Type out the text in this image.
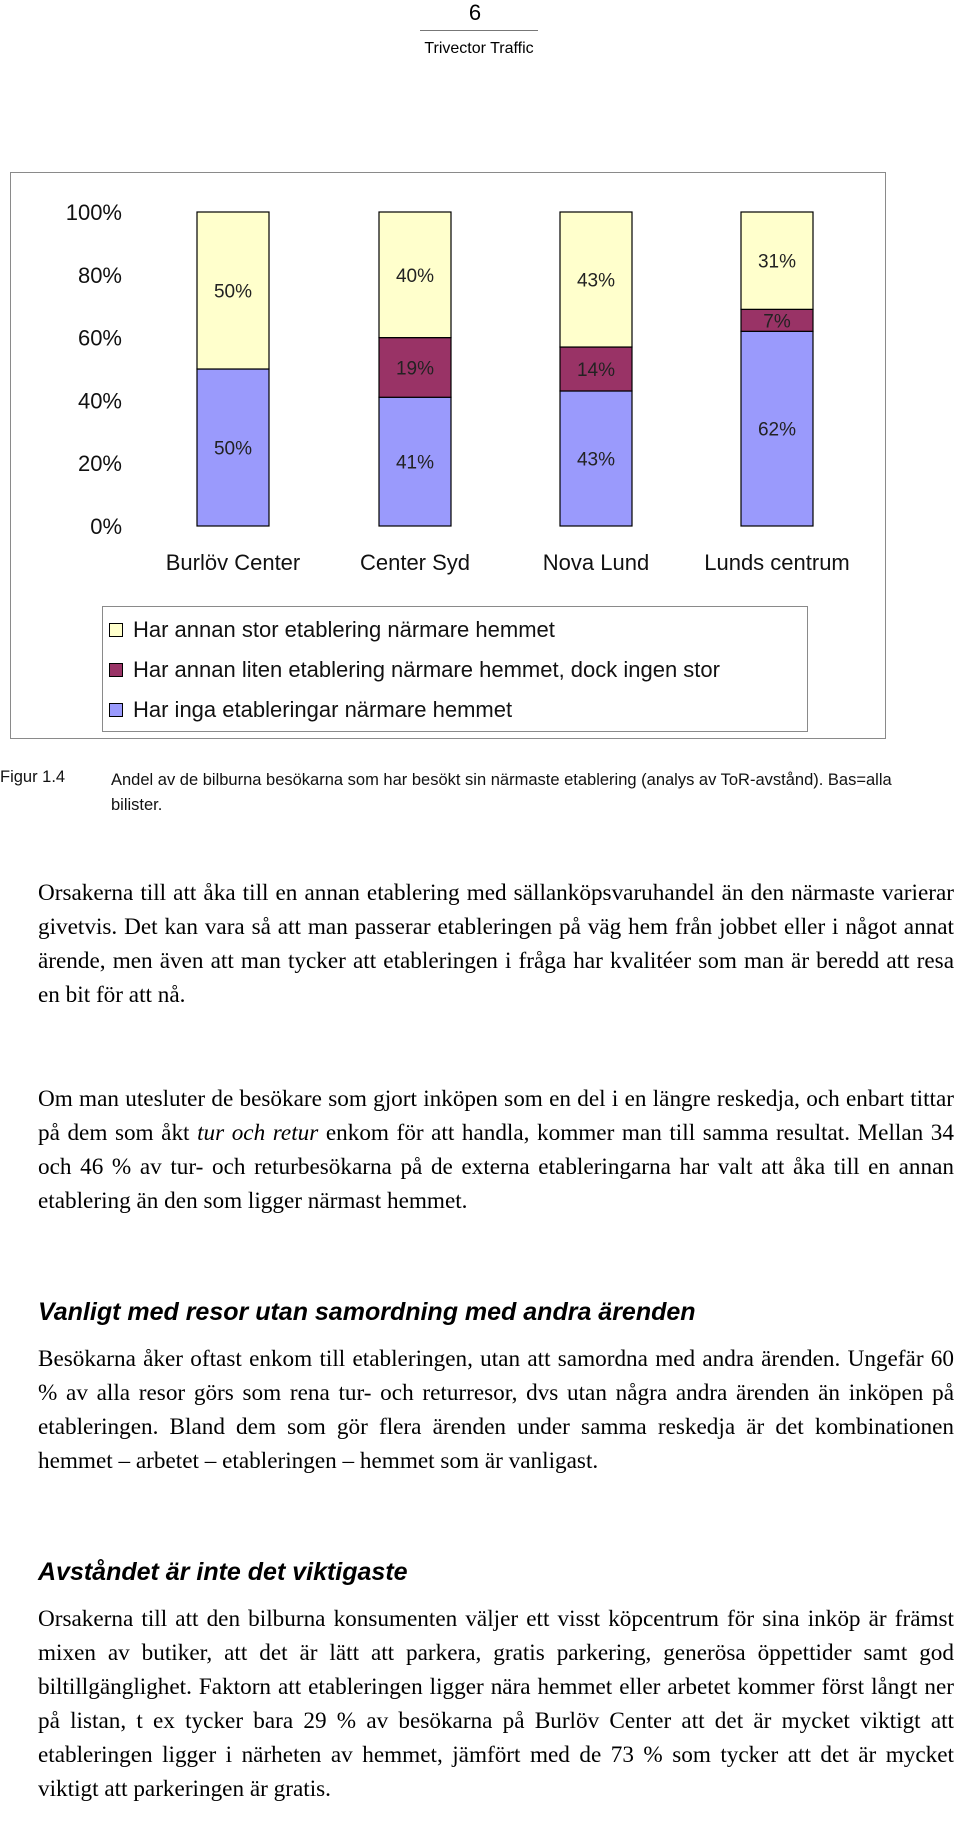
6
Trivector Traffic
0%
20%
40%
60%
80%
100%
50%
50%
Burlöv Center
41%
19%
40%
Center Syd
43%
14%
43%
Nova Lund
62%
7%
31%
Lunds centrum
Har annan stor etablering närmare hemmet
Har annan liten etablering närmare hemmet, dock ingen stor
Har inga etableringar närmare hemmet
Figur 1.4	Andel av de bilburna besökarna som har besökt sin närmaste etablering (analys av ToR-avstånd). Bas=alla bilister.

Orsakerna till att åka till en annan etablering med sällanköpsvaruhandel än den närmaste varierar givetvis. Det kan vara så att man passerar etableringen på väg hem från jobbet eller i något annat ärende, men även att man tycker att etableringen i fråga har kvalitéer som man är beredd att resa en bit för att nå.

Om man utesluter de besökare som gjort inköpen som en del i en längre reskedja, och enbart tittar på dem som åkt tur och retur enkom för att handla, kommer man till samma resultat. Mellan 34 och 46 % av tur- och returbesökarna på de externa etableringarna har valt att åka till en annan etablering än den som ligger närmast hemmet.

Vanligt med resor utan samordning med andra ärenden

Besökarna åker oftast enkom till etableringen, utan att samordna med andra ärenden. Ungefär 60 % av alla resor görs som rena tur- och returresor, dvs utan några andra ärenden än inköpen på etableringen. Bland dem som gör flera ärenden under samma reskedja är det kombinationen hemmet – arbetet – etableringen – hemmet som är vanligast.

Avståndet är inte det viktigaste

Orsakerna till att den bilburna konsumenten väljer ett visst köpcentrum för sina inköp är främst mixen av butiker, att det är lätt att parkera, gratis parkering, generösa öppettider samt god biltillgänglighet. Faktorn att etableringen ligger nära hemmet eller arbetet kommer först långt ner på listan, t ex tycker bara 29 % av besökarna på Burlöv Center att det är mycket viktigt att etableringen ligger i närheten av hemmet, jämfört med de 73 % som tycker att det är mycket viktigt att parkeringen är gratis.
